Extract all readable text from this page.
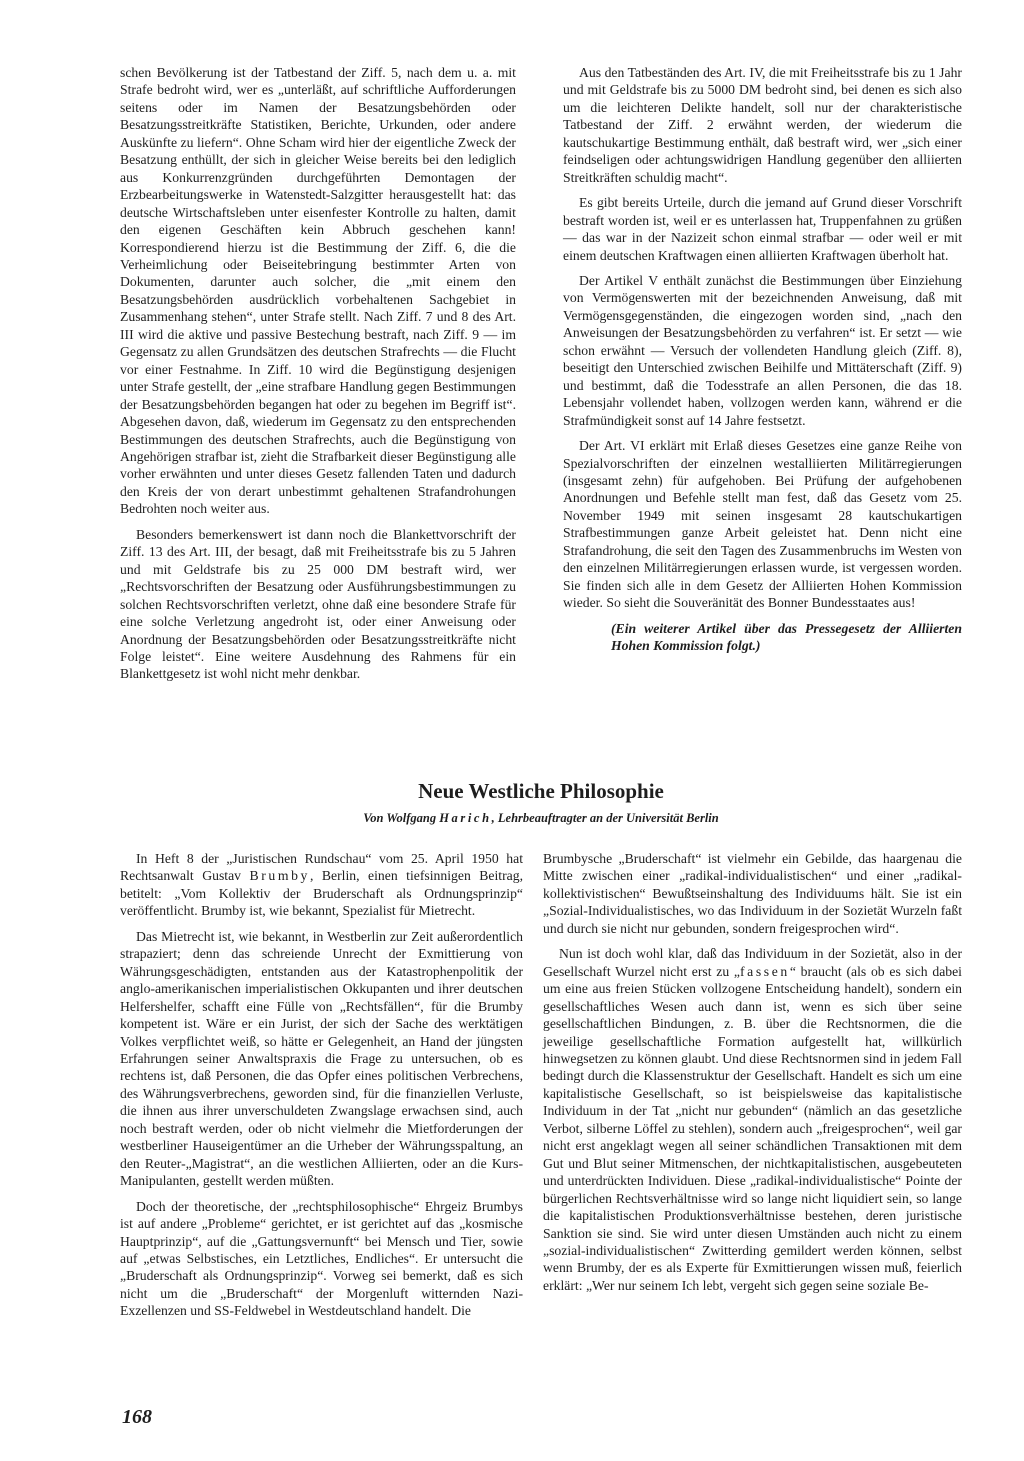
schen Bevölkerung ist der Tatbestand der Ziff. 5, nach dem u. a. mit Strafe bedroht wird, wer es „unterläßt, auf schriftliche Aufforderungen seitens oder im Namen der Besatzungsbehörden oder Besatzungsstreitkräfte Statistiken, Berichte, Urkunden, oder andere Auskünfte zu liefern“. Ohne Scham wird hier der eigentliche Zweck der Besatzung enthüllt, der sich in gleicher Weise bereits bei den lediglich aus Konkurrenzgründen durchgeführten Demontagen der Erzbearbeitungswerke in Watenstedt-Salzgitter herausgestellt hat: das deutsche Wirtschaftsleben unter eisenfester Kontrolle zu halten, damit den eigenen Geschäften kein Abbruch geschehen kann! Korrespondierend hierzu ist die Bestimmung der Ziff. 6, die die Verheimlichung oder Beiseitebringung bestimmter Arten von Dokumenten, darunter auch solcher, die „mit einem den Besatzungsbehörden ausdrücklich vorbehaltenen Sachgebiet in Zusammenhang stehen“, unter Strafe stellt. Nach Ziff. 7 und 8 des Art. III wird die aktive und passive Bestechung bestraft, nach Ziff. 9 — im Gegensatz zu allen Grundsätzen des deutschen Strafrechts — die Flucht vor einer Festnahme. In Ziff. 10 wird die Begünstigung desjenigen unter Strafe gestellt, der „eine strafbare Handlung gegen Bestimmungen der Besatzungsbehörden begangen hat oder zu begehen im Begriff ist“. Abgesehen davon, daß, wiederum im Gegensatz zu den entsprechenden Bestimmungen des deutschen Strafrechts, auch die Begünstigung von Angehörigen strafbar ist, zieht die Strafbarkeit dieser Begünstigung alle vorher erwähnten und unter dieses Gesetz fallenden Taten und dadurch den Kreis der von derart unbestimmt gehaltenen Strafandrohungen Bedrohten noch weiter aus.

Besonders bemerkenswert ist dann noch die Blankettvorschrift der Ziff. 13 des Art. III, der besagt, daß mit Freiheitsstrafe bis zu 5 Jahren und mit Geldstrafe bis zu 25 000 DM bestraft wird, wer „Rechtsvorschriften der Besatzung oder Ausführungsbestimmungen zu solchen Rechtsvorschriften verletzt, ohne daß eine besondere Strafe für eine solche Verletzung angedroht ist, oder einer Anweisung oder Anordnung der Besatzungsbehörden oder Besatzungsstreitkräfte nicht Folge leistet“. Eine weitere Ausdehnung des Rahmens für ein Blankettgesetz ist wohl nicht mehr denkbar.

Aus den Tatbeständen des Art. IV, die mit Freiheitsstrafe bis zu 1 Jahr und mit Geldstrafe bis zu 5000 DM bedroht sind, bei denen es sich also um die leichteren Delikte handelt, soll nur der charakteristische Tatbestand der Ziff. 2 erwähnt werden, der wiederum die kautschukartige Bestimmung enthält, daß bestraft wird, wer „sich einer feindseligen oder achtungswidrigen Handlung gegenüber den alliierten Streitkräften schuldig macht“.

Es gibt bereits Urteile, durch die jemand auf Grund dieser Vorschrift bestraft worden ist, weil er es unterlassen hat, Truppenfahnen zu grüßen — das war in der Nazizeit schon einmal strafbar — oder weil er mit einem deutschen Kraftwagen einen alliierten Kraftwagen überholt hat.

Der Artikel V enthält zunächst die Bestimmungen über Einziehung von Vermögenswerten mit der bezeichnenden Anweisung, daß mit Vermögensgegenständen, die eingezogen worden sind, „nach den Anweisungen der Besatzungsbehörden zu verfahren“ ist. Er setzt — wie schon erwähnt — Versuch der vollendeten Handlung gleich (Ziff. 8), beseitigt den Unterschied zwischen Beihilfe und Mittäterschaft (Ziff. 9) und bestimmt, daß die Todesstrafe an allen Personen, die das 18. Lebensjahr vollendet haben, vollzogen werden kann, während er die Strafmündigkeit sonst auf 14 Jahre festsetzt.

Der Art. VI erklärt mit Erlaß dieses Gesetzes eine ganze Reihe von Spezialvorschriften der einzelnen westalliierten Militärregierungen (insgesamt zehn) für aufgehoben. Bei Prüfung der aufgehobenen Anordnungen und Befehle stellt man fest, daß das Gesetz vom 25. November 1949 mit seinen insgesamt 28 kautschukartigen Strafbestimmungen ganze Arbeit geleistet hat. Denn nicht eine Strafandrohung, die seit den Tagen des Zusammenbruchs im Westen von den einzelnen Militärregierungen erlassen wurde, ist vergessen worden. Sie finden sich alle in dem Gesetz der Alliierten Hohen Kommission wieder. So sieht die Souveränität des Bonner Bundesstaates aus!

(Ein weiterer Artikel über das Pressegesetz der Alliierten Hohen Kommission folgt.)

Neue Westliche Philosophie

Von Wolfgang Harich, Lehrbeauftragter an der Universität Berlin

In Heft 8 der „Juristischen Rundschau“ vom 25. April 1950 hat Rechtsanwalt Gustav Brumby, Berlin, einen tiefsinnigen Beitrag, betitelt: „Vom Kollektiv der Bruderschaft als Ordnungsprinzip“ veröffentlicht. Brumby ist, wie bekannt, Spezialist für Mietrecht.

Das Mietrecht ist, wie bekannt, in Westberlin zur Zeit außerordentlich strapaziert; denn das schreiende Unrecht der Exmittierung von Währungsgeschädigten, entstanden aus der Katastrophenpolitik der anglo-amerikanischen imperialistischen Okkupanten und ihrer deutschen Helfershelfer, schafft eine Fülle von „Rechtsfällen“, für die Brumby kompetent ist. Wäre er ein Jurist, der sich der Sache des werktätigen Volkes verpflichtet weiß, so hätte er Gelegenheit, an Hand der jüngsten Erfahrungen seiner Anwaltspraxis die Frage zu untersuchen, ob es rechtens ist, daß Personen, die das Opfer eines politischen Verbrechens, des Währungsverbrechens, geworden sind, für die finanziellen Verluste, die ihnen aus ihrer unverschuldeten Zwangslage erwachsen sind, auch noch bestraft werden, oder ob nicht vielmehr die Mietforderungen der westberliner Hauseigentümer an die Urheber der Währungsspaltung, an den Reuter-„Magistrat“, an die westlichen Alliierten, oder an die Kurs-Manipulanten, gestellt werden müßten.

Doch der theoretische, der „rechtsphilosophische“ Ehrgeiz Brumbys ist auf andere „Probleme“ gerichtet, er ist gerichtet auf das „kosmische Hauptprinzip“, auf die „Gattungsvernunft“ bei Mensch und Tier, sowie auf „etwas Selbstisches, ein Letztliches, Endliches“. Er untersucht die „Bruderschaft als Ordnungsprinzip“. Vorweg sei bemerkt, daß es sich nicht um die „Bruderschaft“ der Morgenluft witternden Nazi-Exzellenzen und SS-Feldwebel in Westdeutschland handelt. Die

Brumbysche „Bruderschaft“ ist vielmehr ein Gebilde, das haargenau die Mitte zwischen einer „radikal-individualistischen“ und einer „radikal-kollektivistischen“ Bewußtseinshaltung des Individuums hält. Sie ist ein „Sozial-Individualistisches, wo das Individuum in der Sozietät Wurzeln faßt und durch sie nicht nur gebunden, sondern freigesprochen wird“.

Nun ist doch wohl klar, daß das Individuum in der Sozietät, also in der Gesellschaft Wurzel nicht erst zu „fassen“ braucht (als ob es sich dabei um eine aus freien Stücken vollzogene Entscheidung handelt), sondern ein gesellschaftliches Wesen auch dann ist, wenn es sich über seine gesellschaftlichen Bindungen, z. B. über die Rechtsnormen, die die jeweilige gesellschaftliche Formation aufgestellt hat, willkürlich hinwegsetzen zu können glaubt. Und diese Rechtsnormen sind in jedem Fall bedingt durch die Klassenstruktur der Gesellschaft. Handelt es sich um eine kapitalistische Gesellschaft, so ist beispielsweise das kapitalistische Individuum in der Tat „nicht nur gebunden“ (nämlich an das gesetzliche Verbot, silberne Löffel zu stehlen), sondern auch „freigesprochen“, weil gar nicht erst angeklagt wegen all seiner schändlichen Transaktionen mit dem Gut und Blut seiner Mitmenschen, der nichtkapitalistischen, ausgebeuteten und unterdrückten Individuen. Diese „radikal-individualistische“ Pointe der bürgerlichen Rechtsverhältnisse wird so lange nicht liquidiert sein, so lange die kapitalistischen Produktionsverhältnisse bestehen, deren juristische Sanktion sie sind. Sie wird unter diesen Umständen auch nicht zu einem „sozial-individualistischen“ Zwitterding gemildert werden können, selbst wenn Brumby, der es als Experte für Exmittierungen wissen muß, feierlich erklärt: „Wer nur seinem Ich lebt, vergeht sich gegen seine soziale Be-

168
